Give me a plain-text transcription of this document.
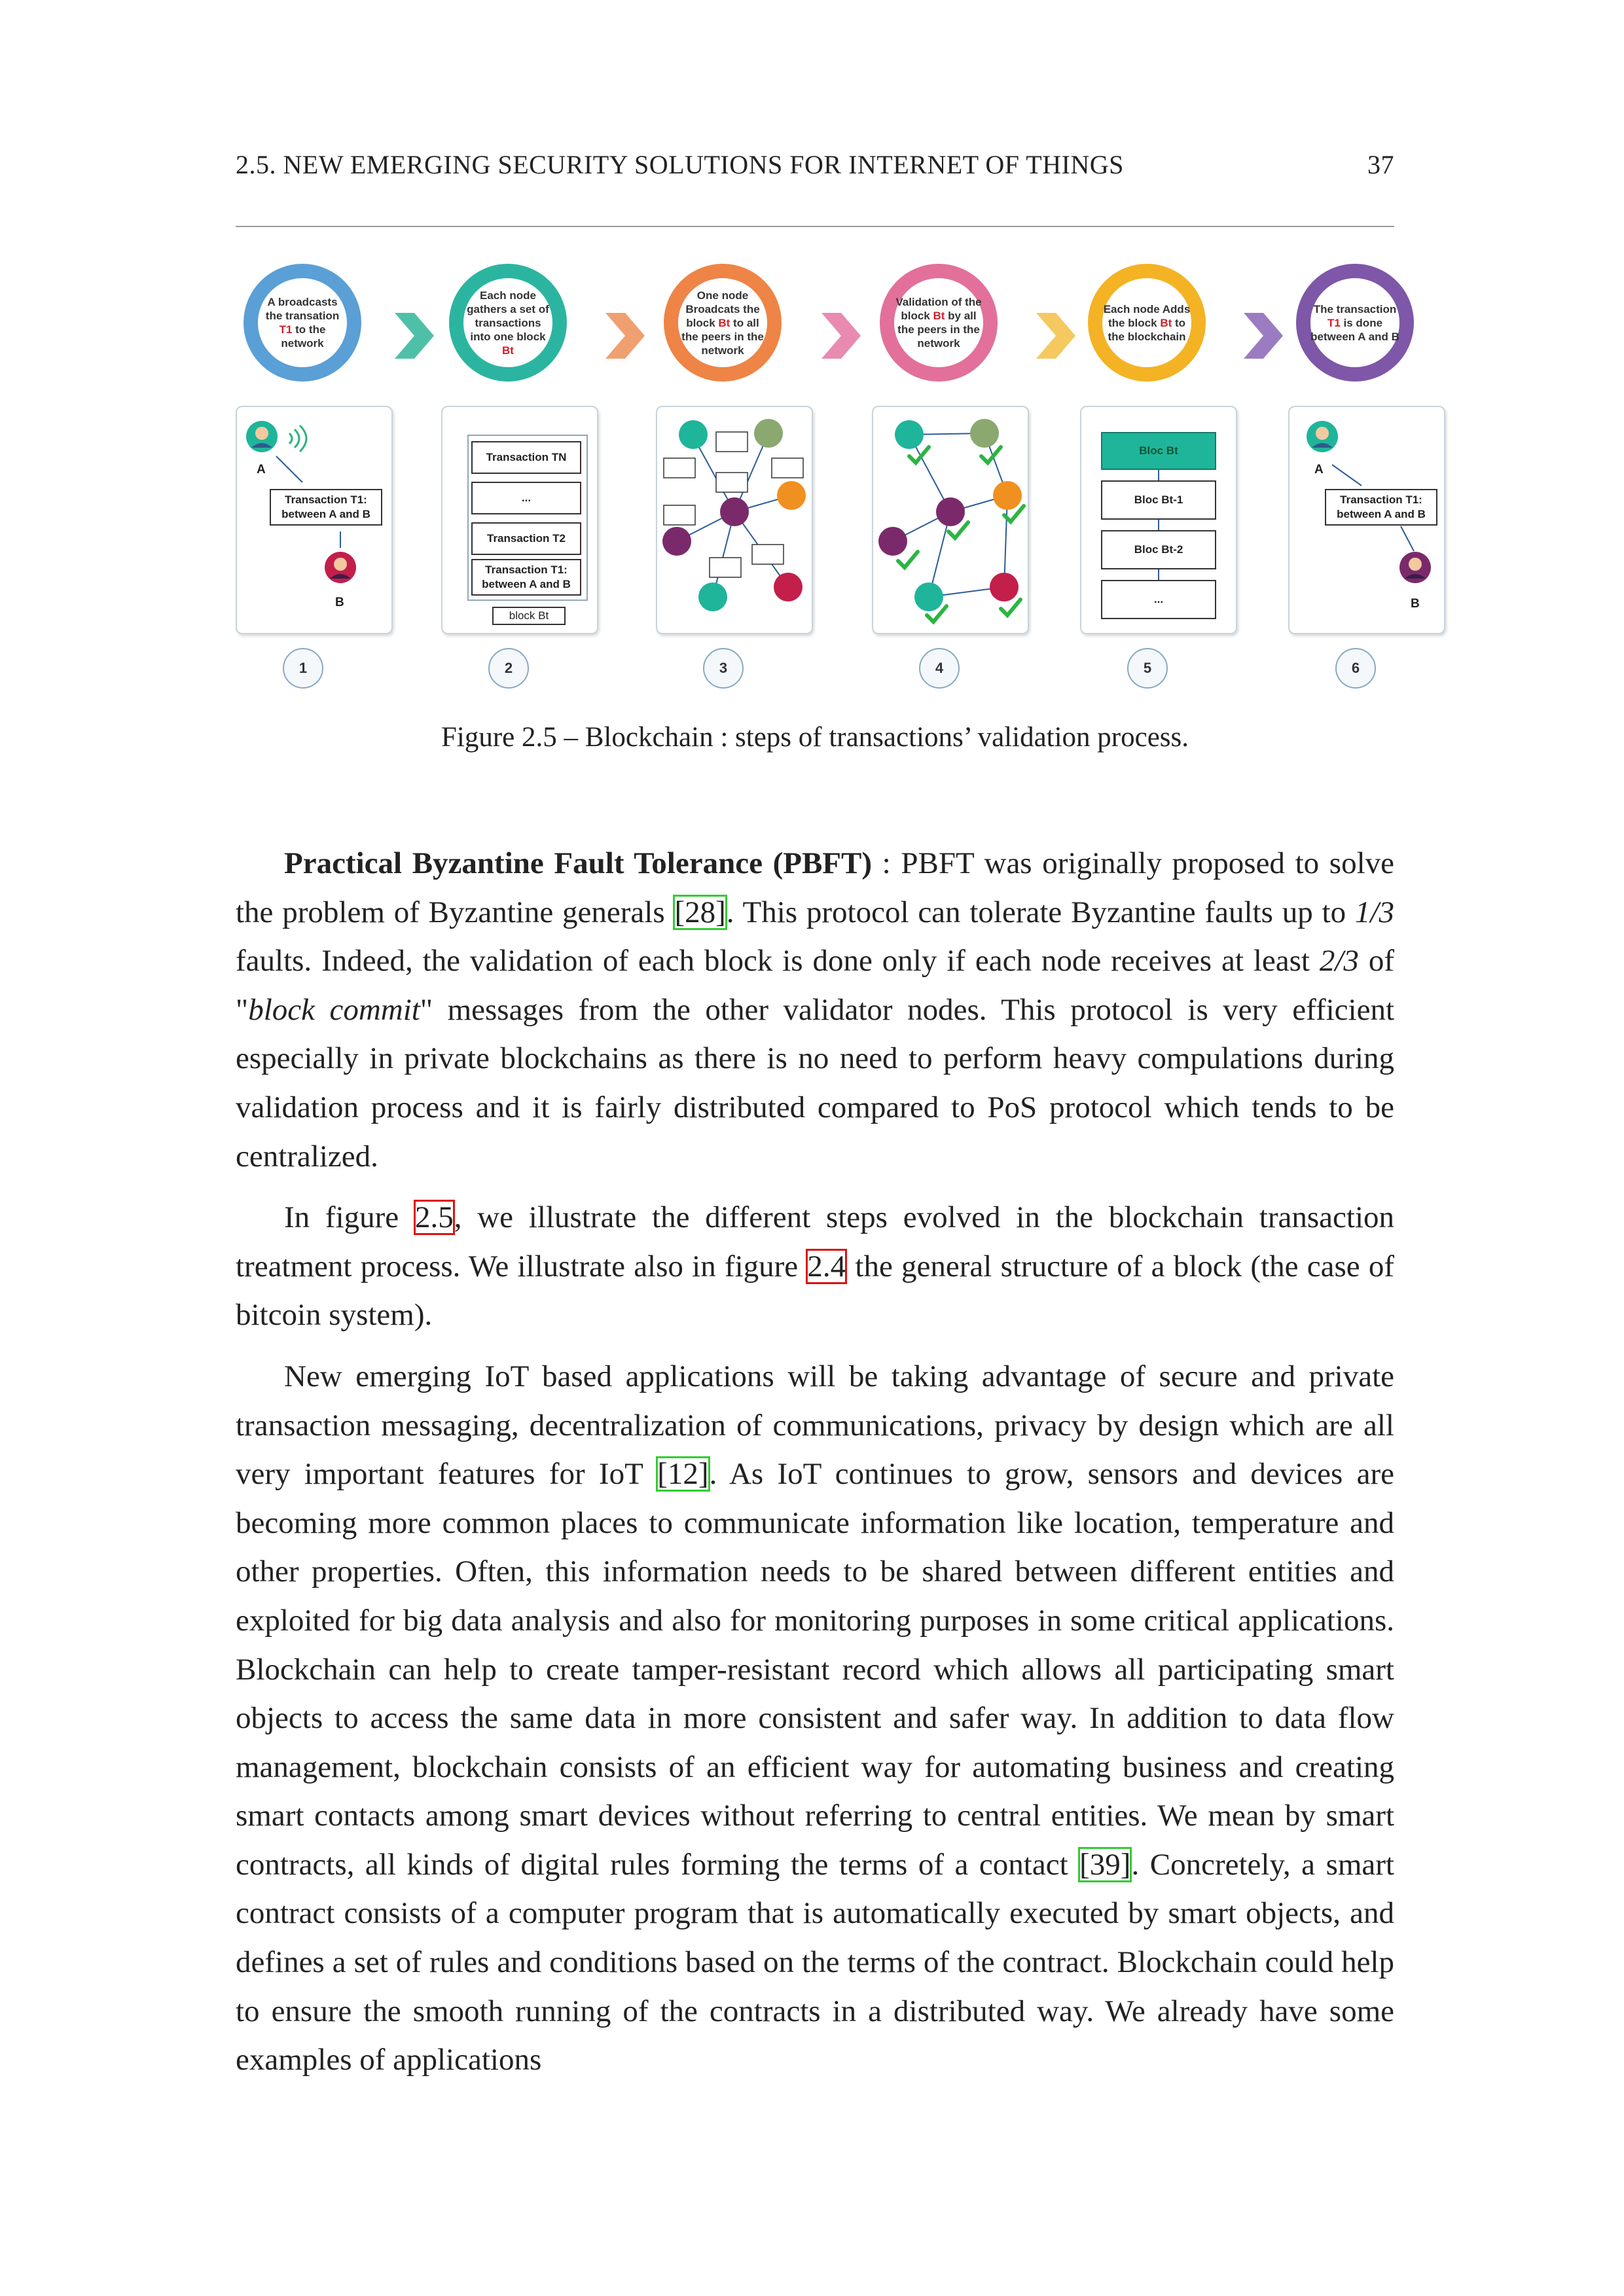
2.5. NEW EMERGING SECURITY SOLUTIONS FOR INTERNET OF THINGS	37
A broadcasts the transation T1 to the network
A
B
Transaction T1: between A and B
1
Each node gathers a set of transactions into one block Bt
Transaction TN
...
Transaction T2
Transaction T1: between A and B
block Bt
2
One node Broadcats the block Bt to all the peers in the network
3
Validation of the block Bt by all the peers in the network
4
Each node Adds the block Bt to the blockchain
Bloc Bt
Bloc Bt-1
Bloc Bt-2
...
5
The transaction T1 is done between A and B
A
B
Transaction T1: between A and B
6
Figure 2.5 – Blockchain : steps of transactions’ validation process.

Practical Byzantine Fault Tolerance (PBFT) : PBFT was originally proposed to solve the problem of Byzantine generals [28]. This protocol can tolerate Byzantine faults up to 1/3 faults. Indeed, the validation of each block is done only if each node receives at least 2/3 of "block commit" messages from the other validator nodes. This protocol is very efficient especially in private blockchains as there is no need to perform heavy compulations during validation process and it is fairly distributed compared to PoS protocol which tends to be centralized.

In figure 2.5, we illustrate the different steps evolved in the blockchain transaction treatment process. We illustrate also in figure 2.4 the general structure of a block (the case of bitcoin system).

New emerging IoT based applications will be taking advantage of secure and private transaction messaging, decentralization of communications, privacy by design which are all very important features for IoT [12]. As IoT continues to grow, sensors and devices are becoming more common places to communicate information like location, temperature and other properties. Often, this information needs to be shared between different entities and exploited for big data analysis and also for monitoring purposes in some critical applications. Blockchain can help to create tamper-resistant record which allows all participating smart objects to access the same data in more consistent and safer way. In addition to data flow management, blockchain consists of an efficient way for automating business and creating smart contacts among smart devices without referring to central entities. We mean by smart contracts, all kinds of digital rules forming the terms of a contact [39]. Concretely, a smart contract consists of a computer program that is automatically executed by smart objects, and defines a set of rules and conditions based on the terms of the contract. Blockchain could help to ensure the smooth running of the contracts in a distributed way. We already have some examples of applications
